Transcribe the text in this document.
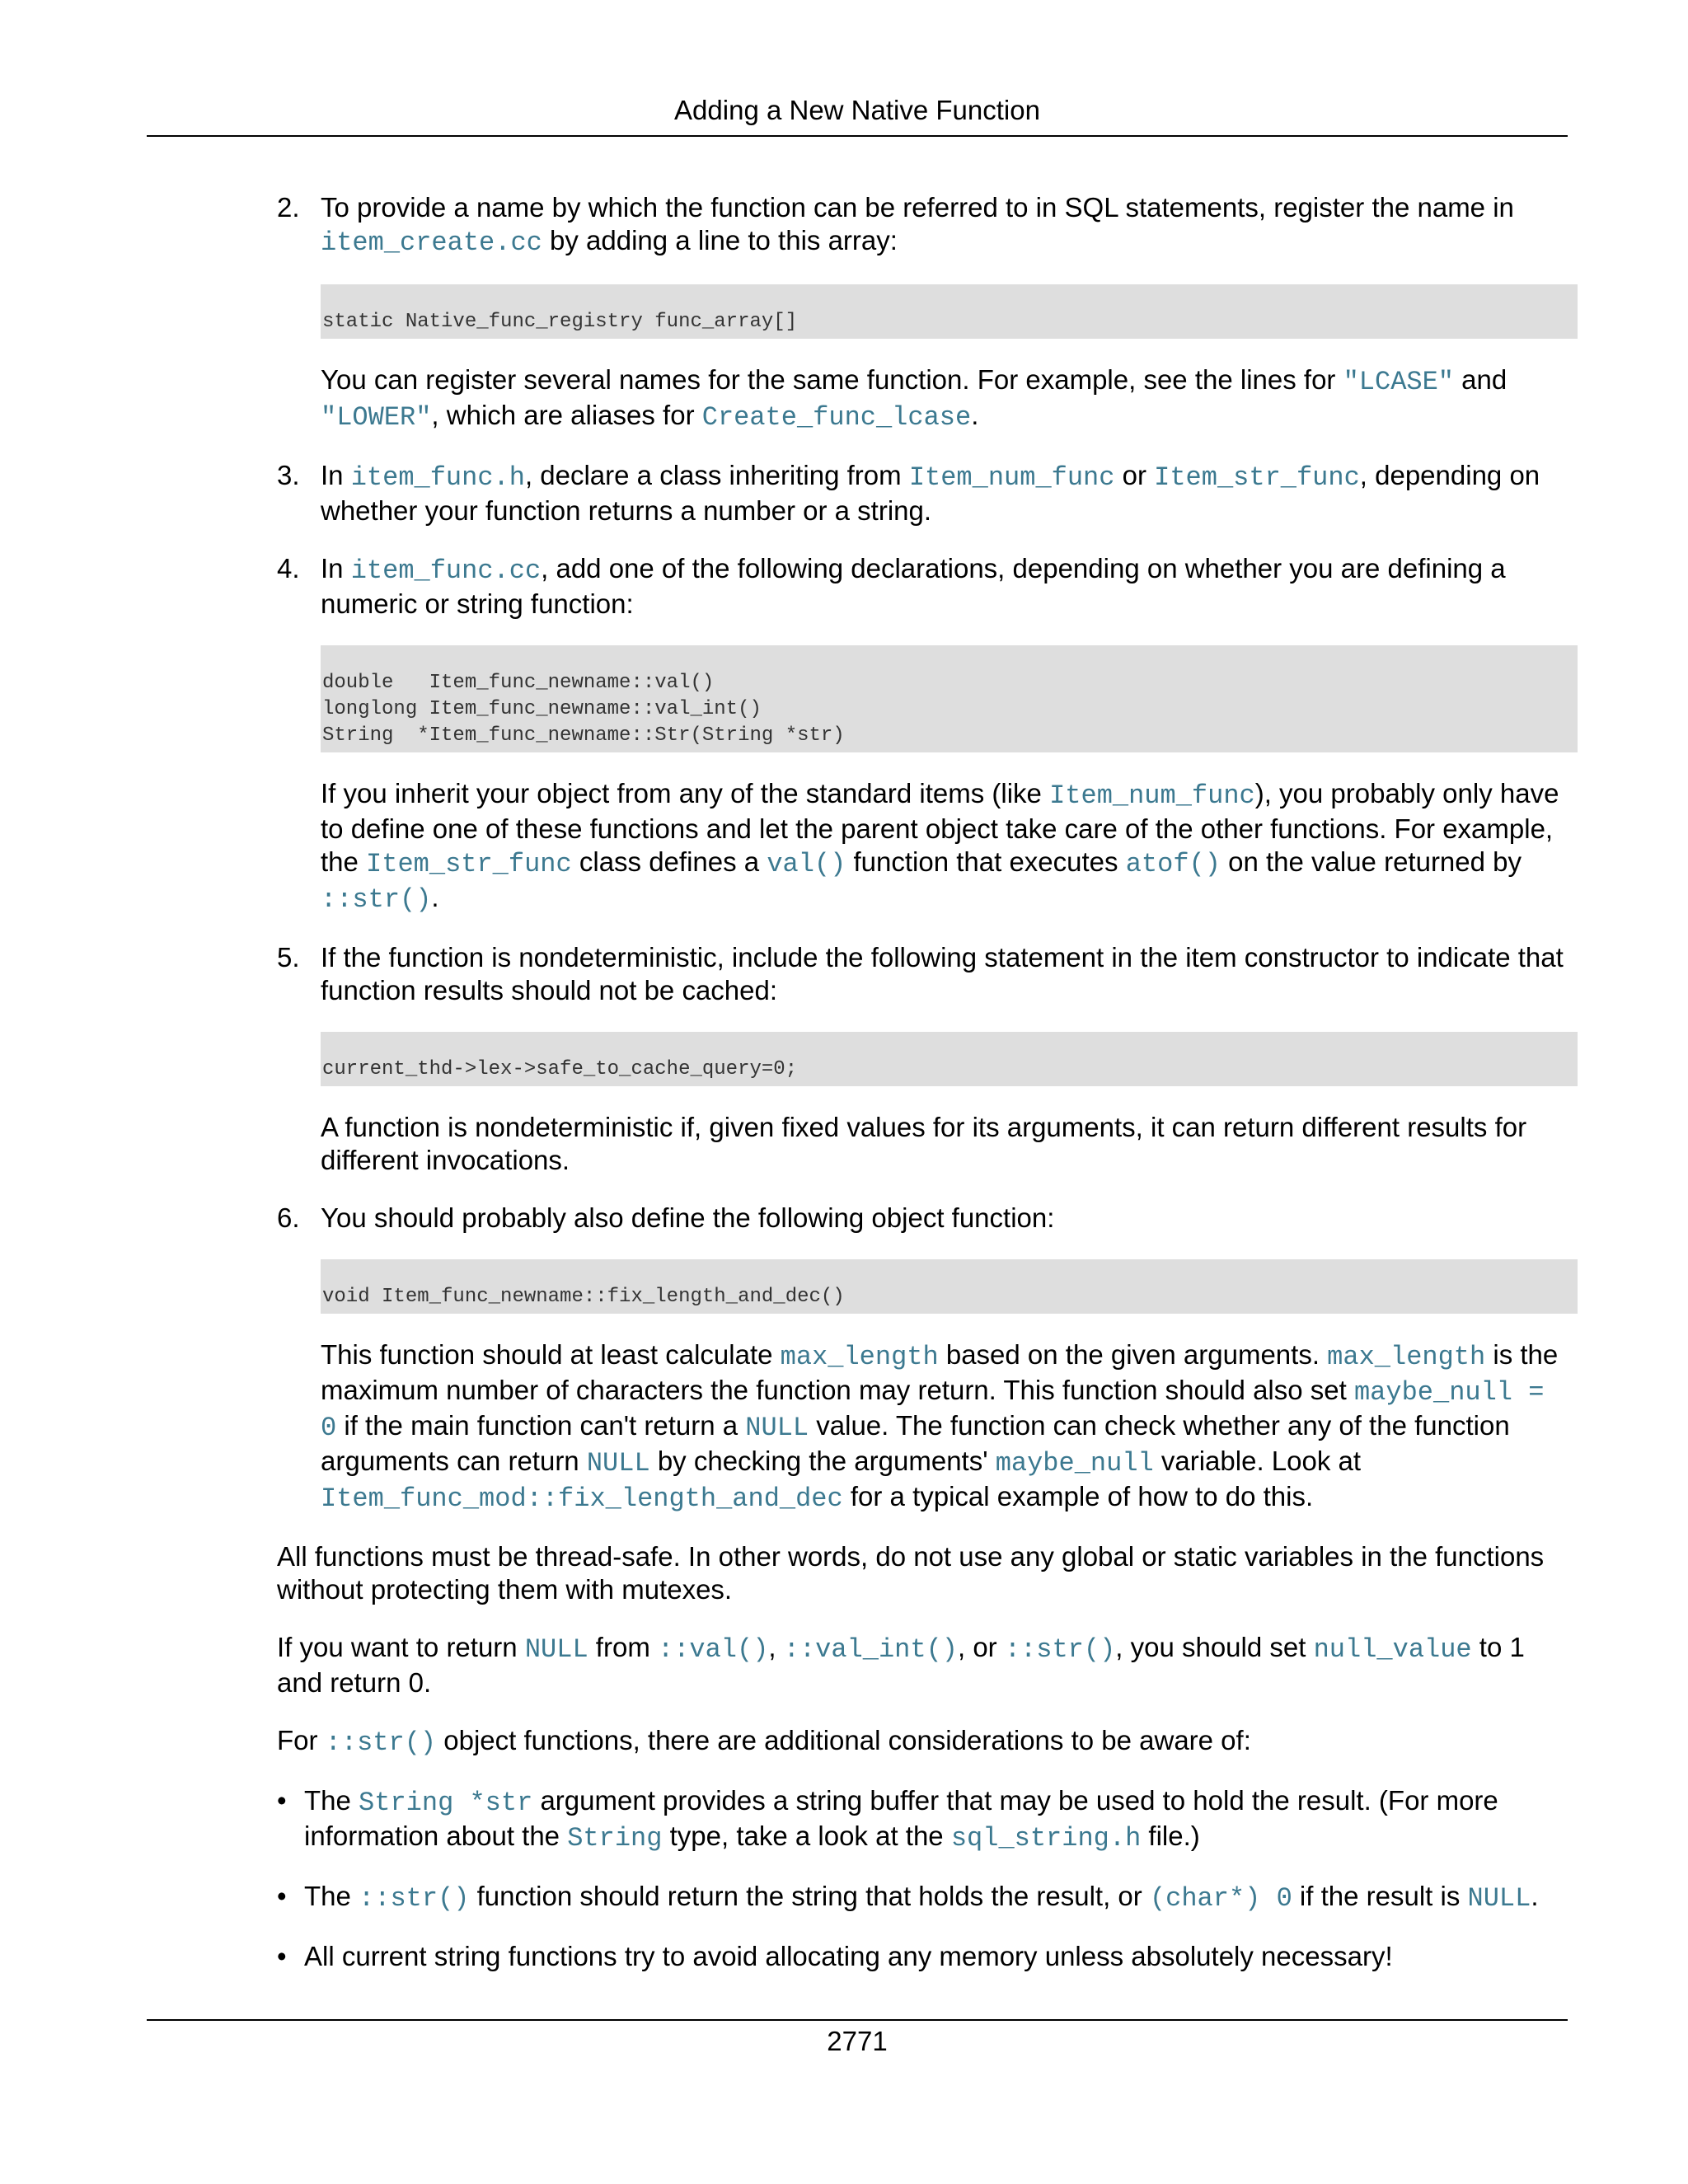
Adding a New Native Function
2. To provide a name by which the function can be referred to in SQL statements, register the name in item_create.cc by adding a line to this array:

static Native_func_registry func_array[]

You can register several names for the same function. For example, see the lines for "LCASE" and "LOWER", which are aliases for Create_func_lcase.

3. In item_func.h, declare a class inheriting from Item_num_func or Item_str_func, depending on whether your function returns a number or a string.

4. In item_func.cc, add one of the following declarations, depending on whether you are defining a numeric or string function:

double   Item_func_newname::val()
longlong Item_func_newname::val_int()
String  *Item_func_newname::Str(String *str)

If you inherit your object from any of the standard items (like Item_num_func), you probably only have to define one of these functions and let the parent object take care of the other functions. For example, the Item_str_func class defines a val() function that executes atof() on the value returned by ::str().

5. If the function is nondeterministic, include the following statement in the item constructor to indicate that function results should not be cached:

current_thd->lex->safe_to_cache_query=0;

A function is nondeterministic if, given fixed values for its arguments, it can return different results for different invocations.

6. You should probably also define the following object function:

void Item_func_newname::fix_length_and_dec()

This function should at least calculate max_length based on the given arguments. max_length is the maximum number of characters the function may return. This function should also set maybe_null = 0 if the main function can't return a NULL value. The function can check whether any of the function arguments can return NULL by checking the arguments' maybe_null variable. Look at Item_func_mod::fix_length_and_dec for a typical example of how to do this.

All functions must be thread-safe. In other words, do not use any global or static variables in the functions without protecting them with mutexes.

If you want to return NULL from ::val(), ::val_int(), or ::str(), you should set null_value to 1 and return 0.

For ::str() object functions, there are additional considerations to be aware of:

• The String *str argument provides a string buffer that may be used to hold the result. (For more information about the String type, take a look at the sql_string.h file.)
• The ::str() function should return the string that holds the result, or (char*) 0 if the result is NULL.
• All current string functions try to avoid allocating any memory unless absolutely necessary!
2771
